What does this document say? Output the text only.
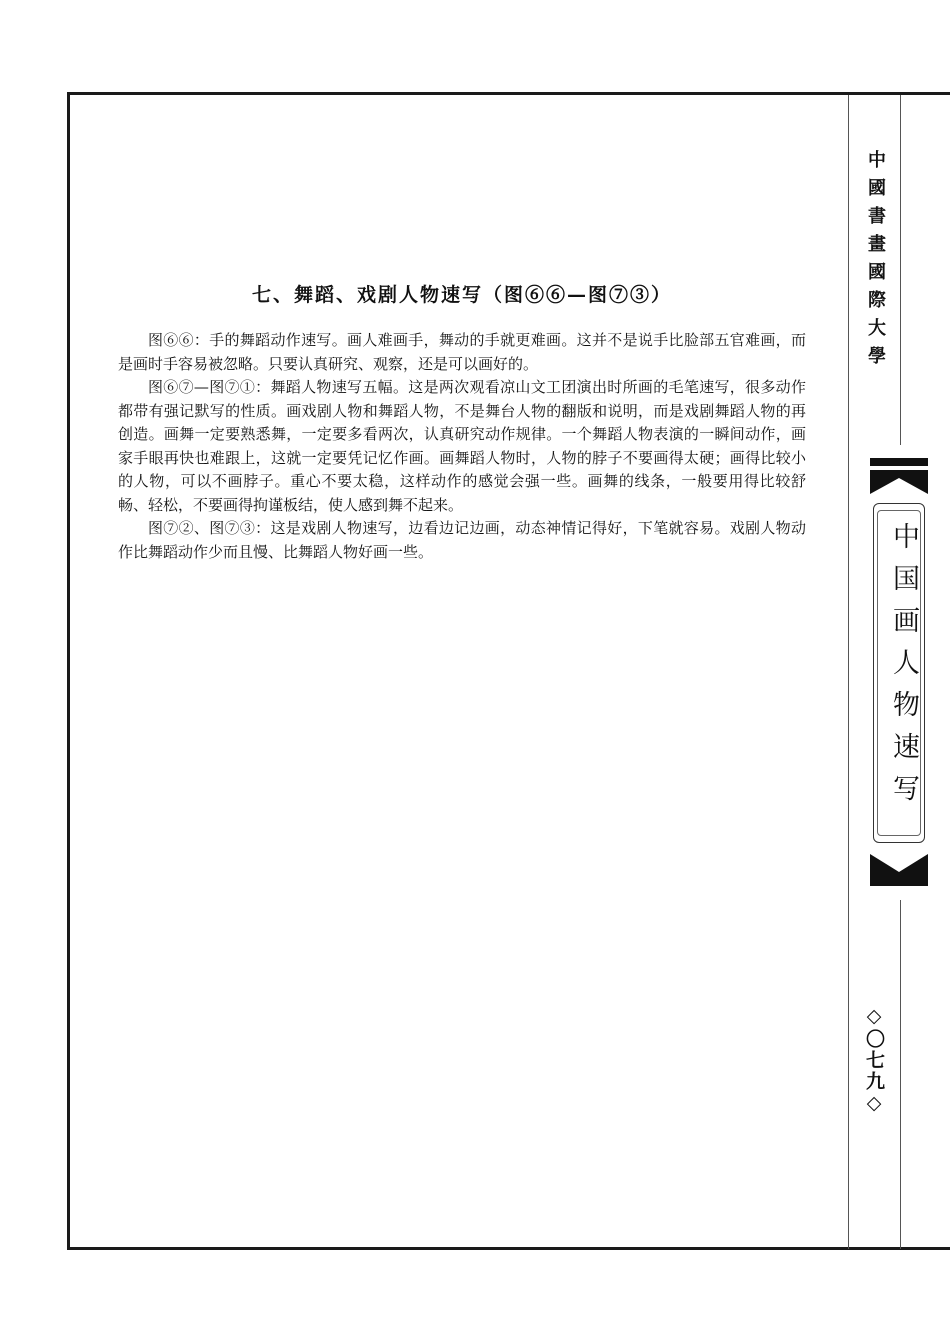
七、舞蹈、戏剧人物速写（图⑥⑥—图⑦③）

图⑥⑥：手的舞蹈动作速写。画人难画手，舞动的手就更难画。这并不是说手比脸部五官难画，而是画时手容易被忽略。只要认真研究、观察，还是可以画好的。

图⑥⑦—图⑦①：舞蹈人物速写五幅。这是两次观看凉山文工团演出时所画的毛笔速写，很多动作都带有强记默写的性质。画戏剧人物和舞蹈人物，不是舞台人物的翻版和说明，而是戏剧舞蹈人物的再创造。画舞一定要熟悉舞，一定要多看两次，认真研究动作规律。一个舞蹈人物表演的一瞬间动作，画家手眼再快也难跟上，这就一定要凭记忆作画。画舞蹈人物时，人物的脖子不要画得太硬；画得比较小的人物，可以不画脖子。重心不要太稳，这样动作的感觉会强一些。画舞的线条，一般要用得比较舒畅、轻松，不要画得拘谨板结，使人感到舞不起来。

图⑦②、图⑦③：这是戏剧人物速写，边看边记边画，动态神情记得好，下笔就容易。戏剧人物动作比舞蹈动作少而且慢、比舞蹈人物好画一些。

中國書畫國際大學
中国画人物速写
◇〇七九◇
